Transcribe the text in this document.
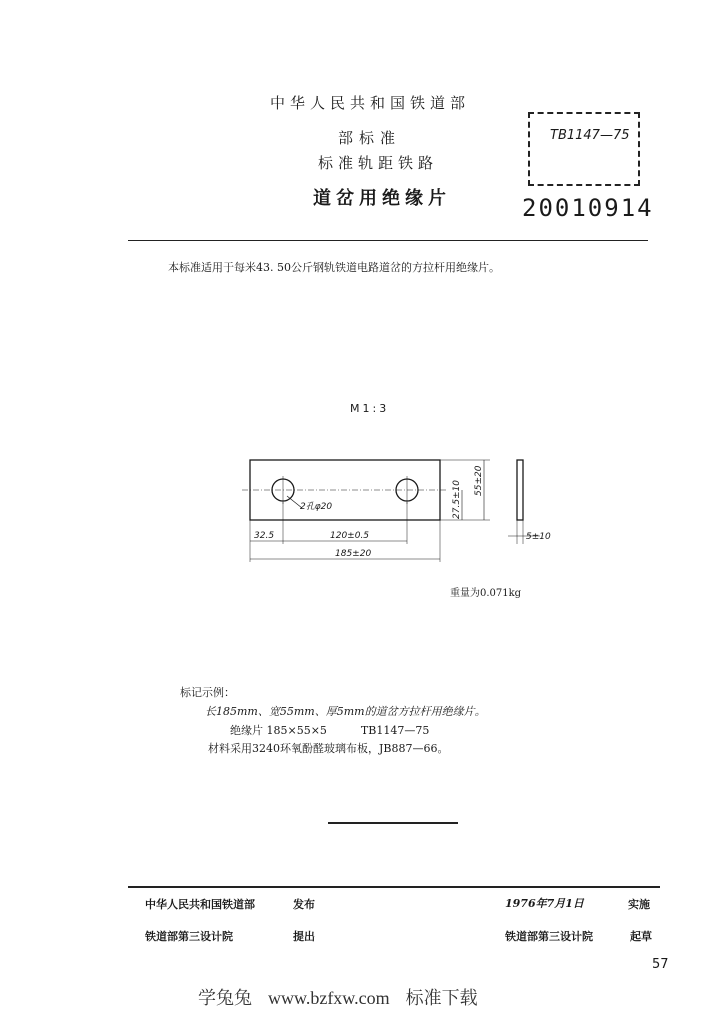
中华人民共和国铁道部
部标准
标准轨距铁路
道岔用绝缘片
TB1147—75
20010914
本标准适用于每米43. 50公斤钢轨铁道电路道岔的方拉杆用绝缘片。
M1:3
2孔φ20	27.5±10 55±20
32.5	120±0.5
185±20
5±10
重量为0.071kg
标记示例：
长185mm、宽55mm、厚5mm的道岔方拉杆用绝缘片。
绝缘片 185×55×5	TB1147—75
材料采用3240环氧酚醛玻璃布板，JB887—66。
中华人民共和国铁道部	发布	1976年7月1日	实施
铁道部第三设计院	提出	铁道部第三设计院	起草
57
学兔兔 www.bzfxw.com 标准下载
